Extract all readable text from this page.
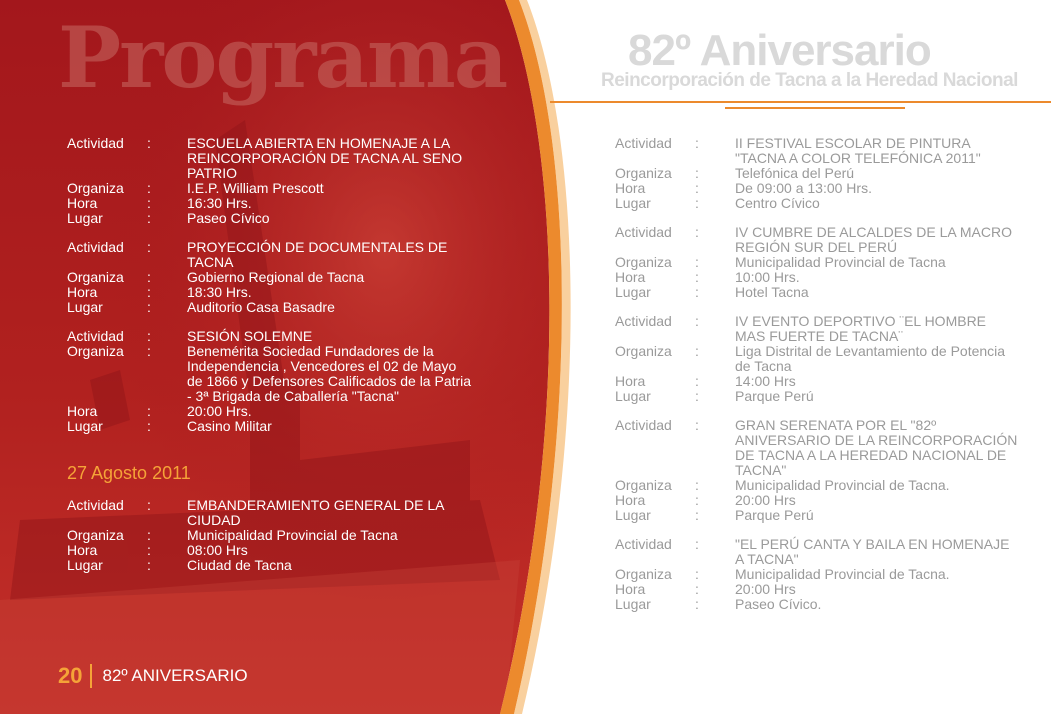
Programa
Actividad	:	ESCUELA ABIERTA EN HOMENAJE A LA REINCORPORACIÓN DE TACNA AL SENO PATRIO
Organiza	:	I.E.P. William Prescott
Hora	:	16:30 Hrs.
Lugar	:	Paseo Cívico
Actividad	:	PROYECCIÓN DE DOCUMENTALES DE TACNA
Organiza	:	Gobierno Regional de Tacna
Hora	:	18:30 Hrs.
Lugar	:	Auditorio Casa Basadre
Actividad	:	SESIÓN SOLEMNE
Organiza	:	Benemérita Sociedad Fundadores de la Independencia , Vencedores el 02 de Mayo de 1866 y Defensores Calificados de la Patria - 3ª Brigada de Caballería "Tacna"
Hora	:	20:00 Hrs.
Lugar	:	Casino Militar
27 Agosto 2011
Actividad	:	EMBANDERAMIENTO GENERAL DE LA CIUDAD
Organiza	:	Municipalidad Provincial de Tacna
Hora	:	08:00 Hrs
Lugar	:	Ciudad de Tacna
20 82º ANIVERSARIO
82º Aniversario
Reincorporación de Tacna a la Heredad Nacional
Actividad	:	II FESTIVAL ESCOLAR DE PINTURA "TACNA A COLOR TELEFÓNICA 2011"
Organiza	:	Telefónica del Perú
Hora	:	De 09:00 a 13:00 Hrs.
Lugar	:	Centro Cívico
Actividad	:	IV CUMBRE DE ALCALDES DE LA MACRO REGIÓN SUR DEL PERÚ
Organiza	:	Municipalidad Provincial de Tacna
Hora	:	10:00 Hrs.
Lugar	:	Hotel Tacna
Actividad	:	IV EVENTO DEPORTIVO ¨EL HOMBRE MAS FUERTE DE TACNA¨
Organiza	:	Liga Distrital de Levantamiento de Potencia de Tacna
Hora	:	14:00 Hrs
Lugar	:	Parque Perú
Actividad	:	GRAN SERENATA POR EL "82º ANIVERSARIO DE LA REINCORPORACIÓN DE TACNA A LA HEREDAD NACIONAL DE TACNA"
Organiza	:	Municipalidad Provincial de Tacna.
Hora	:	20:00 Hrs
Lugar	:	Parque Perú
Actividad	:	"EL PERÚ CANTA Y BAILA EN HOMENAJE A TACNA"
Organiza	:	Municipalidad Provincial de Tacna.
Hora	:	20:00 Hrs
Lugar	:	Paseo Cívico.
